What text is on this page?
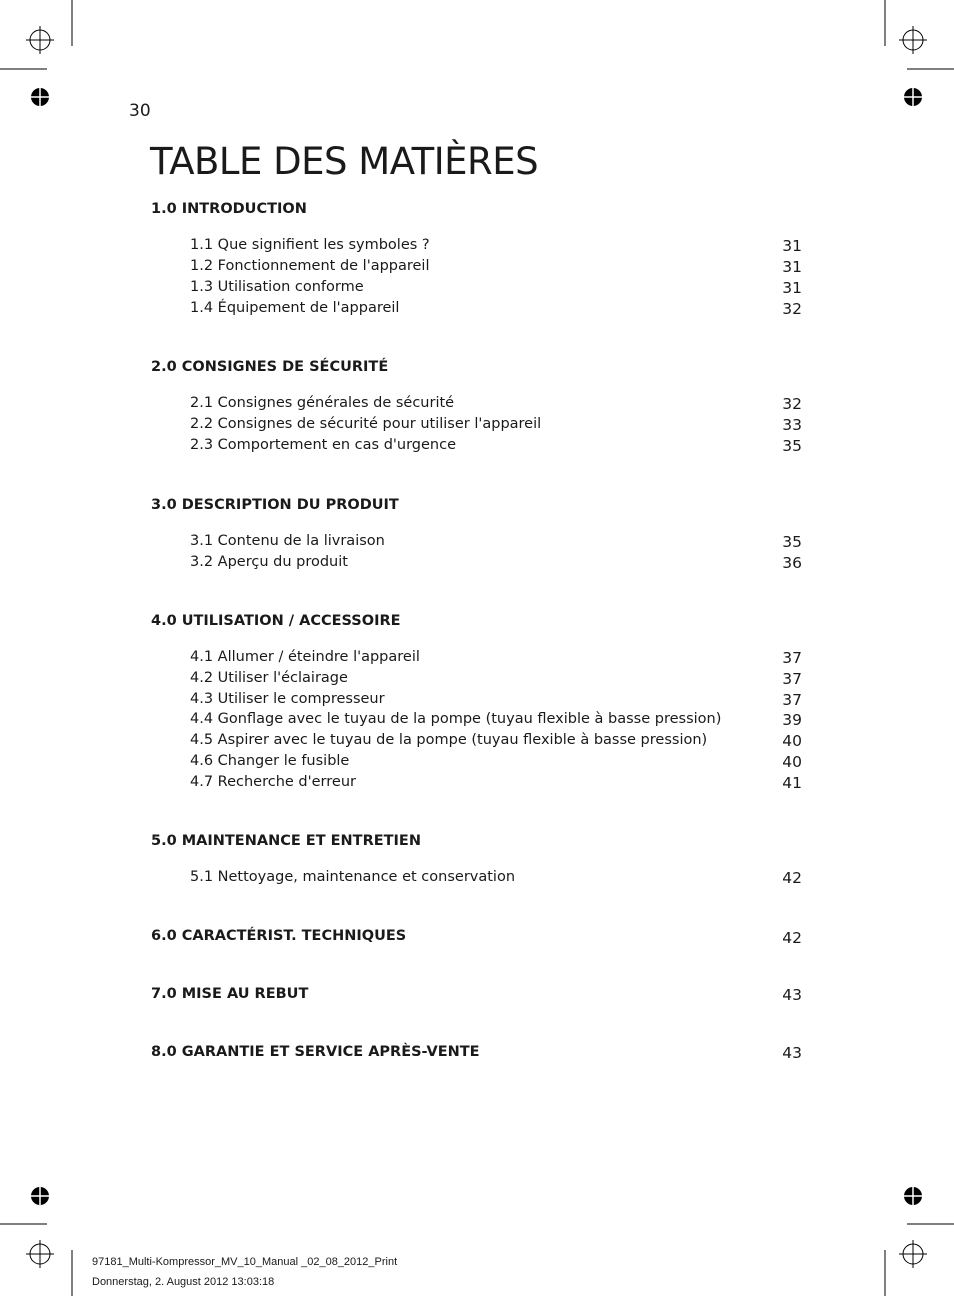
30
TABLE DES MATIÈRES
1.0 INTRODUCTION
1.1 Que signifient les symboles ?	31
1.2 Fonctionnement de l'appareil	31
1.3 Utilisation conforme	31
1.4 Équipement de l'appareil	32
2.0 CONSIGNES DE SÉCURITÉ
2.1 Consignes générales de sécurité	32
2.2 Consignes de sécurité pour utiliser l'appareil	33
2.3 Comportement en cas d'urgence	35
3.0 DESCRIPTION DU PRODUIT
3.1 Contenu de la livraison	35
3.2 Aperçu du produit	36
4.0 UTILISATION / ACCESSOIRE
4.1 Allumer / éteindre l'appareil	37
4.2 Utiliser l'éclairage	37
4.3 Utiliser le compresseur	37
4.4 Gonflage avec le tuyau de la pompe (tuyau flexible à basse pression)	39
4.5 Aspirer avec le tuyau de la pompe (tuyau flexible à basse pression)	40
4.6 Changer le fusible	40
4.7 Recherche d'erreur	41
5.0 MAINTENANCE ET ENTRETIEN
5.1 Nettoyage, maintenance et conservation	42
6.0 CARACTÉRIST. TECHNIQUES	42
7.0 MISE AU REBUT	43
8.0 GARANTIE ET SERVICE APRÈS-VENTE	43
97181_Multi-Kompressor_MV_10_Manual _02_08_2012_Print
Donnerstag, 2. August 2012 13:03:18
